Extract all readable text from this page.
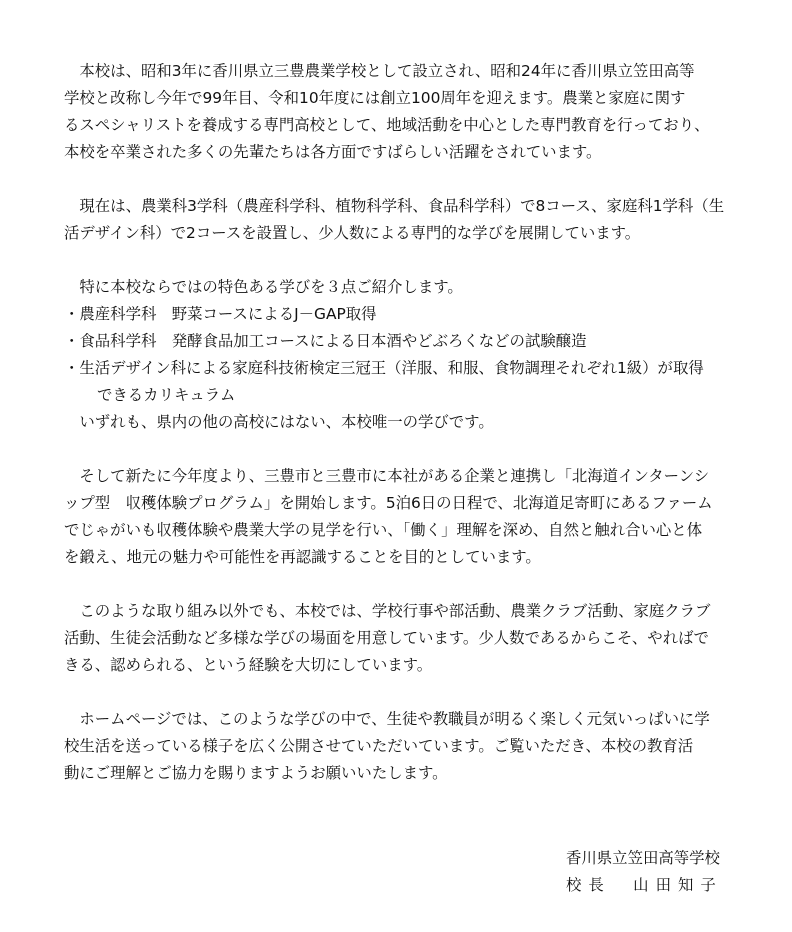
　本校は、昭和3年に香川県立三豊農業学校として設立され、昭和24年に香川県立笠田高等
学校と改称し今年で99年目、令和10年度には創立100周年を迎えます。農業と家庭に関す
るスペシャリストを養成する専門高校として、地域活動を中心とした専門教育を行っており、
本校を卒業された多くの先輩たちは各方面ですばらしい活躍をされています。
　現在は、農業科3学科（農産科学科、植物科学科、食品科学科）で8コース、家庭科1学科（生
活デザイン科）で2コースを設置し、少人数による専門的な学びを展開しています。
　特に本校ならではの特色ある学びを３点ご紹介します。
・農産科学科　野菜コースによるJ－GAP取得
・食品科学科　発酵食品加工コースによる日本酒やどぶろくなどの試験醸造
・生活デザイン科による家庭科技術検定三冠王（洋服、和服、食物調理それぞれ1級）が取得
できるカリキュラム
　いずれも、県内の他の高校にはない、本校唯一の学びです。
　そして新たに今年度より、三豊市と三豊市に本社がある企業と連携し「北海道インターンシ
ップ型　収穫体験プログラム」を開始します。5泊6日の日程で、北海道足寄町にあるファーム
でじゃがいも収穫体験や農業大学の見学を行い、「働く」理解を深め、自然と触れ合い心と体
を鍛え、地元の魅力や可能性を再認識することを目的としています。
　このような取り組み以外でも、本校では、学校行事や部活動、農業クラブ活動、家庭クラブ
活動、生徒会活動など多様な学びの場面を用意しています。少人数であるからこそ、やればで
きる、認められる、という経験を大切にしています。
　ホームページでは、このような学びの中で、生徒や教職員が明るく楽しく元気いっぱいに学
校生活を送っている様子を広く公開させていただいています。ご覧いただき、本校の教育活
動にご理解とご協力を賜りますようお願いいたします。
香川県立笠田高等学校
校長　山田知子
